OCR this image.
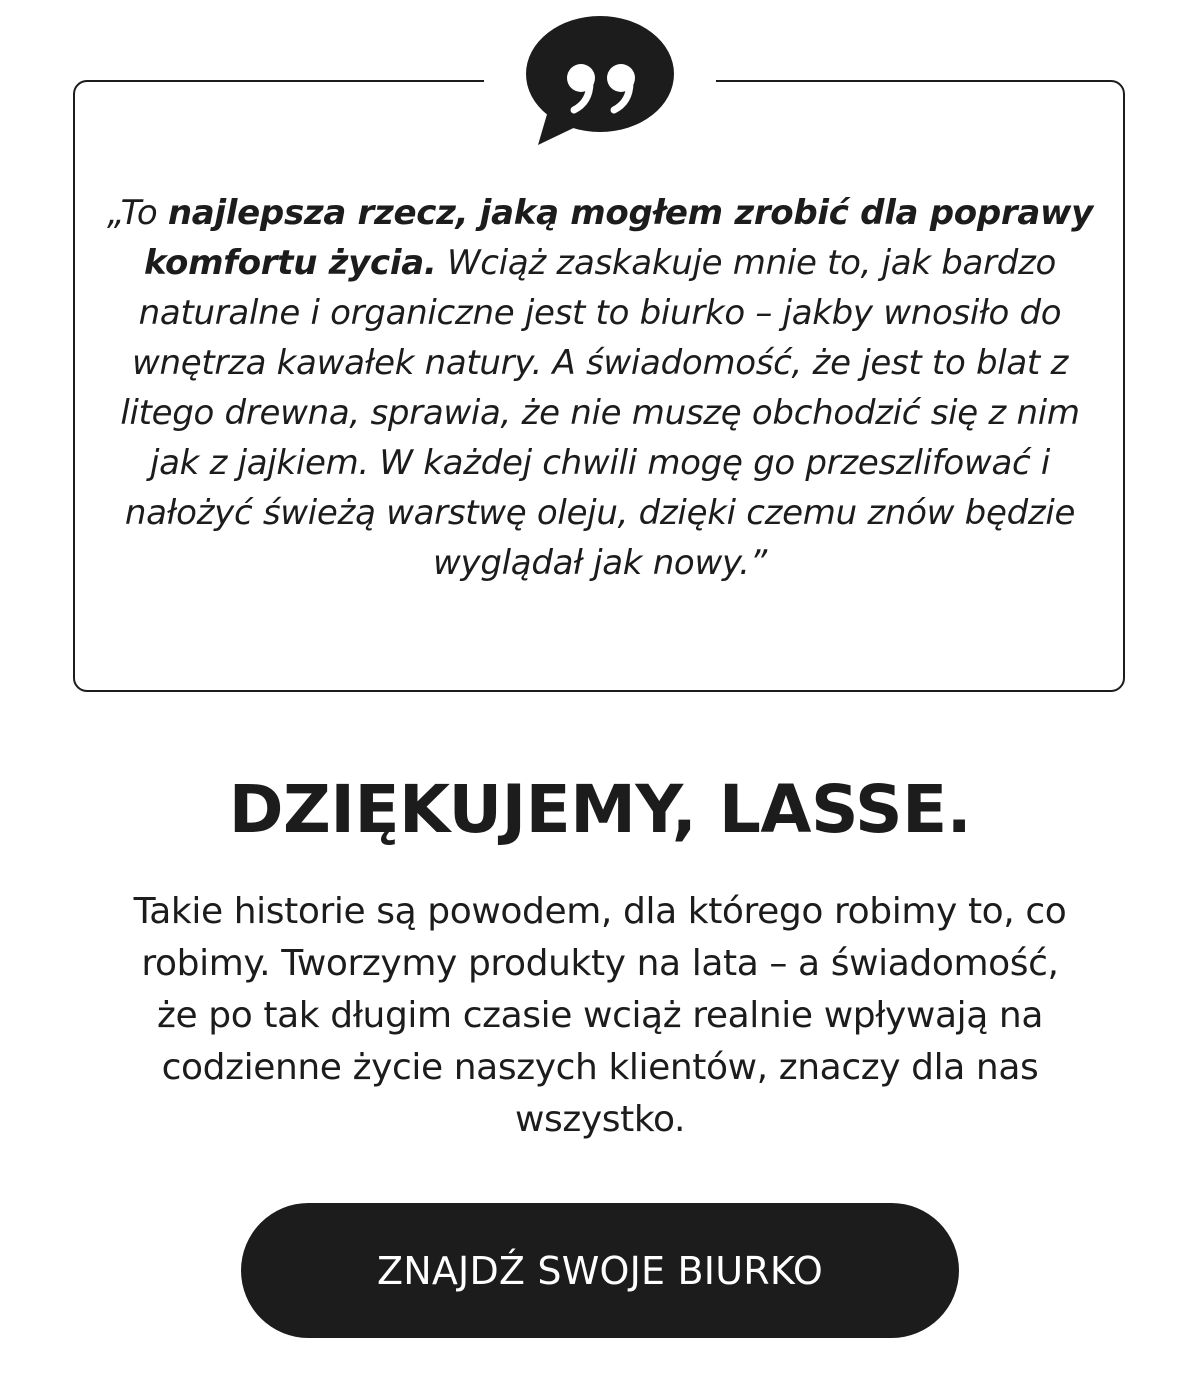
„To najlepsza rzecz, jaką mogłem zrobić dla poprawy komfortu życia. Wciąż zaskakuje mnie to, jak bardzo naturalne i organiczne jest to biurko – jakby wnosiło do wnętrza kawałek natury. A świadomość, że jest to blat z litego drewna, sprawia, że nie muszę obchodzić się z nim jak z jajkiem. W każdej chwili mogę go przeszlifować i nałożyć świeżą warstwę oleju, dzięki czemu znów będzie wyglądał jak nowy.”
DZIĘKUJEMY, LASSE.
Takie historie są powodem, dla którego robimy to, co robimy. Tworzymy produkty na lata – a świadomość, że po tak długim czasie wciąż realnie wpływają na codzienne życie naszych klientów, znaczy dla nas wszystko.
ZNAJDŹ SWOJE BIURKO
